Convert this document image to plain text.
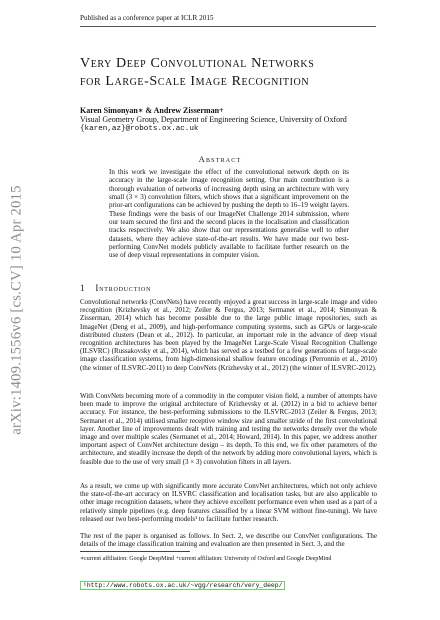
Published as a conference paper at ICLR 2015
arXiv:1409.1556v6 [cs.CV] 10 Apr 2015
Very Deep Convolutional Networks
for Large-Scale Image Recognition
Karen Simonyan∗ & Andrew Zisserman+
Visual Geometry Group, Department of Engineering Science, University of Oxford
{karen,az}@robots.ox.ac.uk
Abstract
In this work we investigate the effect of the convolutional network depth on its accuracy in the large-scale image recognition setting. Our main contribution is a thorough evaluation of networks of increasing depth using an architecture with very small (3 × 3) convolution filters, which shows that a significant improvement on the prior-art configurations can be achieved by pushing the depth to 16–19 weight layers. These findings were the basis of our ImageNet Challenge 2014 submission, where our team secured the first and the second places in the localisation and classification tracks respectively. We also show that our representations generalise well to other datasets, where they achieve state-of-the-art results. We have made our two best-performing ConvNet models publicly available to facilitate further research on the use of deep visual representations in computer vision.
1 Introduction
Convolutional networks (ConvNets) have recently enjoyed a great success in large-scale image and video recognition (Krizhevsky et al., 2012; Zeiler & Fergus, 2013; Sermanet et al., 2014; Simonyan & Zisserman, 2014) which has become possible due to the large public image repositories, such as ImageNet (Deng et al., 2009), and high-performance computing systems, such as GPUs or large-scale distributed clusters (Dean et al., 2012). In particular, an important role in the advance of deep visual recognition architectures has been played by the ImageNet Large-Scale Visual Recognition Challenge (ILSVRC) (Russakovsky et al., 2014), which has served as a testbed for a few generations of large-scale image classification systems, from high-dimensional shallow feature encodings (Perronnin et al., 2010) (the winner of ILSVRC-2011) to deep ConvNets (Krizhevsky et al., 2012) (the winner of ILSVRC-2012).
With ConvNets becoming more of a commodity in the computer vision field, a number of attempts have been made to improve the original architecture of Krizhevsky et al. (2012) in a bid to achieve better accuracy. For instance, the best-performing submissions to the ILSVRC-2013 (Zeiler & Fergus, 2013; Sermanet et al., 2014) utilised smaller receptive window size and smaller stride of the first convolutional layer. Another line of improvements dealt with training and testing the networks densely over the whole image and over multiple scales (Sermanet et al., 2014; Howard, 2014). In this paper, we address another important aspect of ConvNet architecture design – its depth. To this end, we fix other parameters of the architecture, and steadily increase the depth of the network by adding more convolutional layers, which is feasible due to the use of very small (3 × 3) convolution filters in all layers.
As a result, we come up with significantly more accurate ConvNet architectures, which not only achieve the state-of-the-art accuracy on ILSVRC classification and localisation tasks, but are also applicable to other image recognition datasets, where they achieve excellent performance even when used as a part of a relatively simple pipelines (e.g. deep features classified by a linear SVM without fine-tuning). We have released our two best-performing models¹ to facilitate further research.
The rest of the paper is organised as follows. In Sect. 2, we describe our ConvNet configurations. The details of the image classification training and evaluation are then presented in Sect. 3, and the
∗current affiliation: Google DeepMind +current affiliation: University of Oxford and Google DeepMind
¹http://www.robots.ox.ac.uk/~vgg/research/very_deep/
